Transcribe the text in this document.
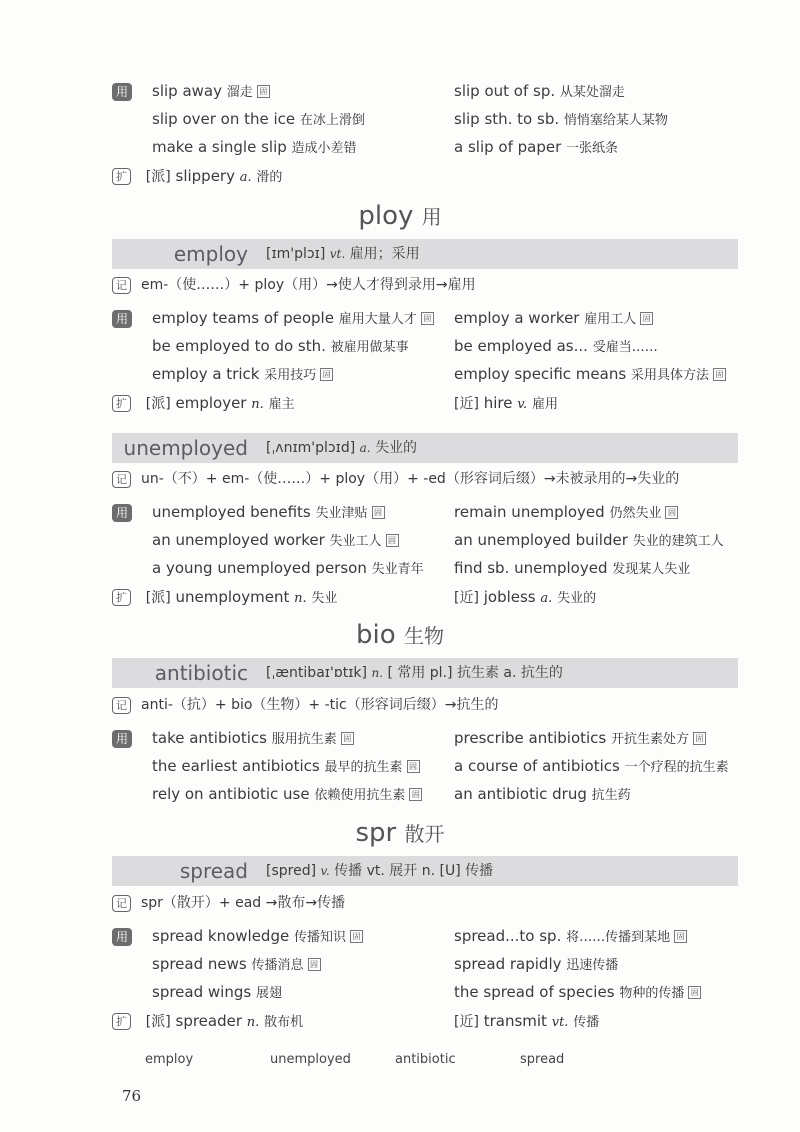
用	slip away 溜走 固	slip out of sp. 从某处溜走
slip over on the ice 在冰上滑倒	slip sth. to sb. 悄悄塞给某人某物
make a single slip 造成小差错	a slip of paper 一张纸条
扩 [派] slippery a. 滑的
ploy 用
employ [ɪm'plɔɪ] vt. 雇用；采用
记 em-（使……）+ ploy（用）→使人才得到录用→雇用
用	employ teams of people 雇用大量人才 固 employ a worker 雇用工人 固
be employed to do sth. 被雇用做某事	be employed as... 受雇当……
employ a trick 采用技巧 固	employ specific means 采用具体方法 固
扩 [派] employer n. 雇主	[近] hire v. 雇用
unemployed [ˌʌnɪm'plɔɪd] a. 失业的
记 un-（不）+ em-（使……）+ ploy（用）+ -ed（形容词后缀）→未被录用的→失业的
用	unemployed benefits 失业津贴 固	remain unemployed 仍然失业 固
an unemployed worker 失业工人 固	an unemployed builder 失业的建筑工人
a young unemployed person 失业青年 find sb. unemployed 发现某人失业
扩 [派] unemployment n. 失业	[近] jobless a. 失业的
bio 生物
antibiotic [ˌæntibaɪ'ɒtɪk] n. [ 常用 pl.] 抗生素 a. 抗生的
记 anti-（抗）+ bio（生物）+ -tic（形容词后缀）→抗生的
用	take antibiotics 服用抗生素 固	prescribe antibiotics 开抗生素处方 固
the earliest antibiotics 最早的抗生素 固 a course of antibiotics 一个疗程的抗生素
rely on antibiotic use 依赖使用抗生素 固 an antibiotic drug 抗生药
spr 散开
spread [spred] v. 传播 vt. 展开 n. [U] 传播
记 spr（散开）+ ead →散布→传播
用	spread knowledge 传播知识 固	spread...to sp. 将……传播到某地 固
spread news 传播消息 固	spread rapidly 迅速传播
spread wings 展翅	the spread of species 物种的传播 固
扩 [派] spreader n. 散布机	[近] transmit vt. 传播
employ	unemployed	antibiotic	spread
76
